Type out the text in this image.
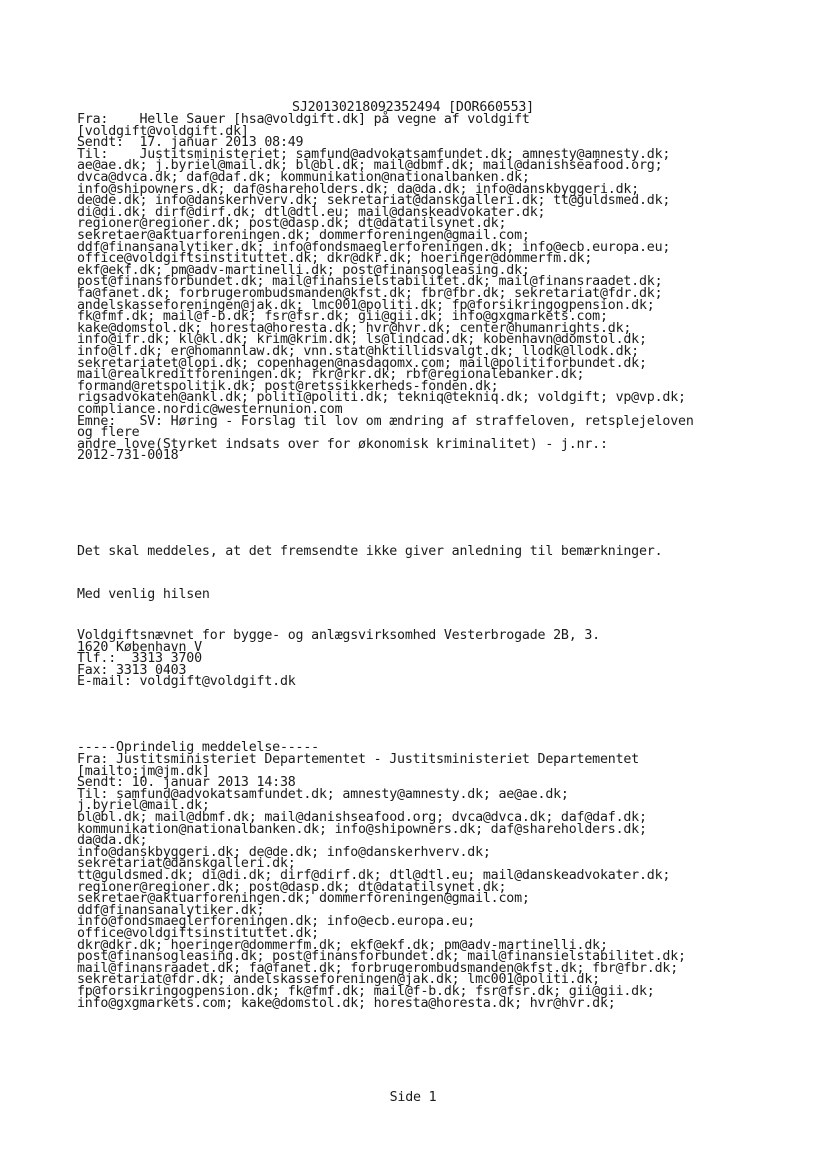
SJ20130218092352494 [DOR660553]
Fra:    Helle Sauer [hsa@voldgift.dk] på vegne af voldgift
[voldgift@voldgift.dk]
Sendt:  17. januar 2013 08:49
Til:    Justitsministeriet; samfund@advokatsamfundet.dk; amnesty@amnesty.dk;
ae@ae.dk; j.byriel@mail.dk; bl@bl.dk; mail@dbmf.dk; mail@danishseafood.org;
dvca@dvca.dk; daf@daf.dk; kommunikation@nationalbanken.dk;
info@shipowners.dk; daf@shareholders.dk; da@da.dk; info@danskbyggeri.dk;
de@de.dk; info@danskerhverv.dk; sekretariat@danskgalleri.dk; tt@guldsmed.dk;
di@di.dk; dirf@dirf.dk; dtl@dtl.eu; mail@danskeadvokater.dk;
regioner@regioner.dk; post@dasp.dk; dt@datatilsynet.dk;
sekretaer@aktuarforeningen.dk; dommerforeningen@gmail.com;
ddf@finansanalytiker.dk; info@fondsmaeglerforeningen.dk; info@ecb.europa.eu;
office@voldgiftsinstituttet.dk; dkr@dkr.dk; hoeringer@dommerfm.dk;
ekf@ekf.dk; pm@adv-martinelli.dk; post@finansogleasing.dk;
post@finansforbundet.dk; mail@finansielstabilitet.dk; mail@finansraadet.dk;
fa@fanet.dk; forbrugerombudsmanden@kfst.dk; fbr@fbr.dk; sekretariat@fdr.dk;
andelskasseforeningen@jak.dk; lmc001@politi.dk; fp@forsikringogpension.dk;
fk@fmf.dk; mail@f-b.dk; fsr@fsr.dk; gii@gii.dk; info@gxgmarkets.com;
kake@domstol.dk; horesta@horesta.dk; hvr@hvr.dk; center@humanrights.dk;
info@ifr.dk; kl@kl.dk; krim@krim.dk; ls@lindcad.dk; kobenhavn@domstol.dk;
info@lf.dk; er@homannlaw.dk; vnn.stat@hktillidsvalgt.dk; llodk@llodk.dk;
sekretariatet@lopi.dk; copenhagen@nasdaqomx.com; mail@politiforbundet.dk;
mail@realkreditforeningen.dk; rkr@rkr.dk; rbf@regionalebanker.dk;
formand@retspolitik.dk; post@retssikkerheds-fonden.dk;
rigsadvokaten@ankl.dk; politi@politi.dk; tekniq@tekniq.dk; voldgift; vp@vp.dk;
compliance.nordic@westernunion.com
Emne:   SV: Høring - Forslag til lov om ændring af straffeloven, retsplejeloven
og flere
andre love(Styrket indsats over for økonomisk kriminalitet) - j.nr.:
2012-731-0018
Det skal meddeles, at det fremsendte ikke giver anledning til bemærkninger.
Med venlig hilsen
Voldgiftsnævnet for bygge- og anlægsvirksomhed Vesterbrogade 2B, 3.
1620 København V
Tlf.:  3313 3700
Fax: 3313 0403
E-mail: voldgift@voldgift.dk
-----Oprindelig meddelelse-----
Fra: Justitsministeriet Departementet - Justitsministeriet Departementet
[mailto:jm@jm.dk]
Sendt: 10. januar 2013 14:38
Til: samfund@advokatsamfundet.dk; amnesty@amnesty.dk; ae@ae.dk;
j.byriel@mail.dk;
bl@bl.dk; mail@dbmf.dk; mail@danishseafood.org; dvca@dvca.dk; daf@daf.dk;
kommunikation@nationalbanken.dk; info@shipowners.dk; daf@shareholders.dk;
da@da.dk;
info@danskbyggeri.dk; de@de.dk; info@danskerhverv.dk;
sekretariat@danskgalleri.dk;
tt@guldsmed.dk; di@di.dk; dirf@dirf.dk; dtl@dtl.eu; mail@danskeadvokater.dk;
regioner@regioner.dk; post@dasp.dk; dt@datatilsynet.dk;
sekretaer@aktuarforeningen.dk; dommerforeningen@gmail.com;
ddf@finansanalytiker.dk;
info@fondsmaeglerforeningen.dk; info@ecb.europa.eu;
office@voldgiftsinstituttet.dk;
dkr@dkr.dk; hoeringer@dommerfm.dk; ekf@ekf.dk; pm@adv-martinelli.dk;
post@finansogleasing.dk; post@finansforbundet.dk; mail@finansielstabilitet.dk;
mail@finansraadet.dk; fa@fanet.dk; forbrugerombudsmanden@kfst.dk; fbr@fbr.dk;
sekretariat@fdr.dk; andelskasseforeningen@jak.dk; lmc001@politi.dk;
fp@forsikringogpension.dk; fk@fmf.dk; mail@f-b.dk; fsr@fsr.dk; gii@gii.dk;
info@gxgmarkets.com; kake@domstol.dk; horesta@horesta.dk; hvr@hvr.dk;
Side 1
